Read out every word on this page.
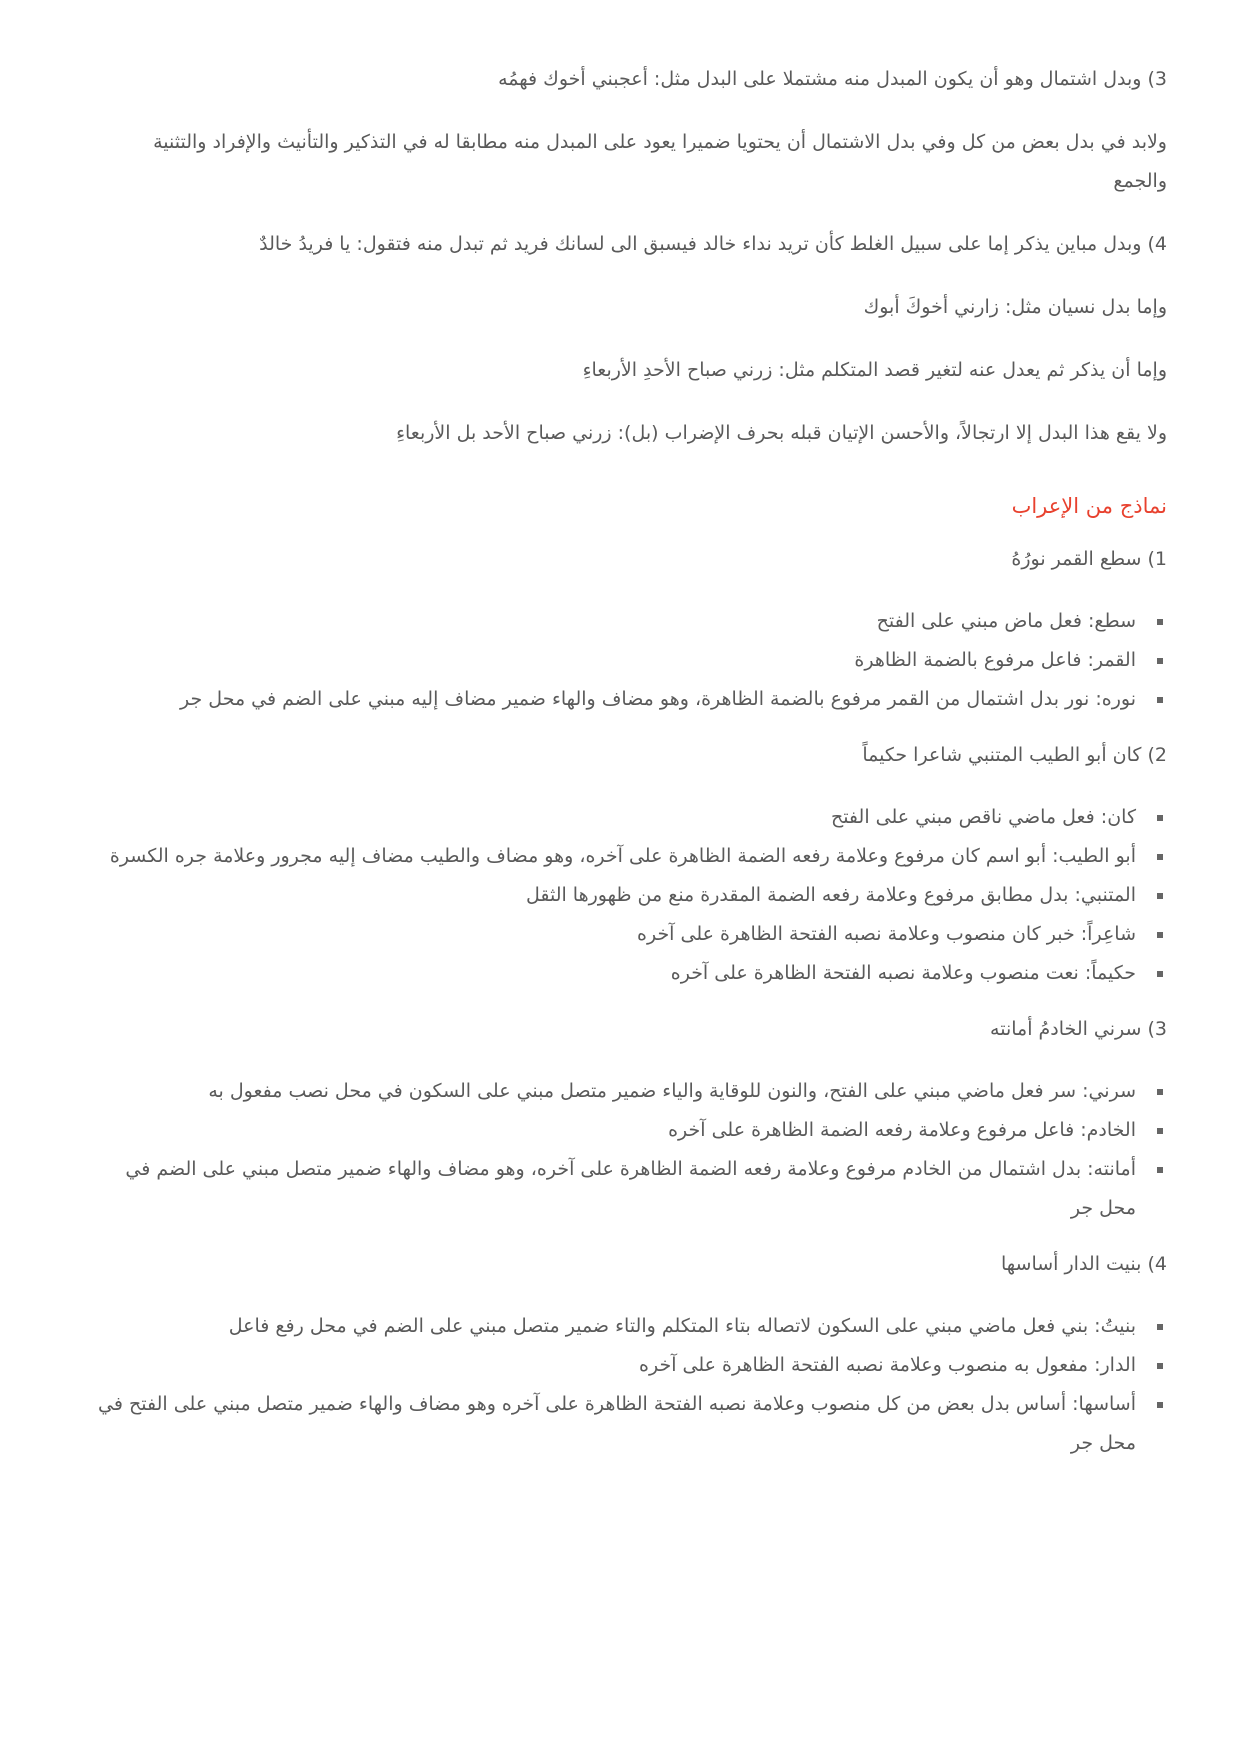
3) وبدل اشتمال وهو أن يكون المبدل منه مشتملا على البدل مثل: أعجبني أخوك فهمُه

ولابد في بدل بعض من كل وفي بدل الاشتمال أن يحتويا ضميرا يعود على المبدل منه مطابقا له في التذكير والتأنيث والإفراد والتثنية والجمع

4) وبدل مباين يذكر إما على سبيل الغلط كأن تريد نداء خالد فيسبق الى لسانك فريد ثم تبدل منه فتقول: يا فريدُ خالدٌ

وإما بدل نسيان مثل: زارني أخوكَ أبوك

وإما أن يذكر ثم يعدل عنه لتغير قصد المتكلم مثل: زرني صباح الأحدِ الأربعاءِ

ولا يقع هذا البدل إلا ارتجالاً، والأحسن الإتيان قبله بحرف الإضراب (بل): زرني صباح الأحد بل الأربعاءِ

نماذج من الإعراب

1) سطع القمر نورُهُ

سطع: فعل ماض مبني على الفتح
القمر: فاعل مرفوع بالضمة الظاهرة
نوره: نور بدل اشتمال من القمر مرفوع بالضمة الظاهرة، وهو مضاف والهاء ضمير مضاف إليه مبني على الضم في محل جر

2) كان أبو الطيب المتنبي شاعرا حكيماً

كان: فعل ماضي ناقص مبني على الفتح
أبو الطيب: أبو اسم كان مرفوع وعلامة رفعه الضمة الظاهرة على آخره، وهو مضاف والطيب مضاف إليه مجرور وعلامة جره الكسرة
المتنبي: بدل مطابق مرفوع وعلامة رفعه الضمة المقدرة منع من ظهورها الثقل
شاعِراً: خبر كان منصوب وعلامة نصبه الفتحة الظاهرة على آخره
حكيماً: نعت منصوب وعلامة نصبه الفتحة الظاهرة على آخره

3) سرني الخادمُ أمانته

سرني: سر فعل ماضي مبني على الفتح، والنون للوقاية والياء ضمير متصل مبني على السكون في محل نصب مفعول به
الخادم: فاعل مرفوع وعلامة رفعه الضمة الظاهرة على آخره
أمانته: بدل اشتمال من الخادم مرفوع وعلامة رفعه الضمة الظاهرة على آخره، وهو مضاف والهاء ضمير متصل مبني على الضم في محل جر

4) بنيت الدار أساسها

بنيتُ: بني فعل ماضي مبني على السكون لاتصاله بتاء المتكلم والتاء ضمير متصل مبني على الضم في محل رفع فاعل
الدار: مفعول به منصوب وعلامة نصبه الفتحة الظاهرة على آخره
أساسها: أساس بدل بعض من كل منصوب وعلامة نصبه الفتحة الظاهرة على آخره وهو مضاف والهاء ضمير متصل مبني على الفتح في محل جر
